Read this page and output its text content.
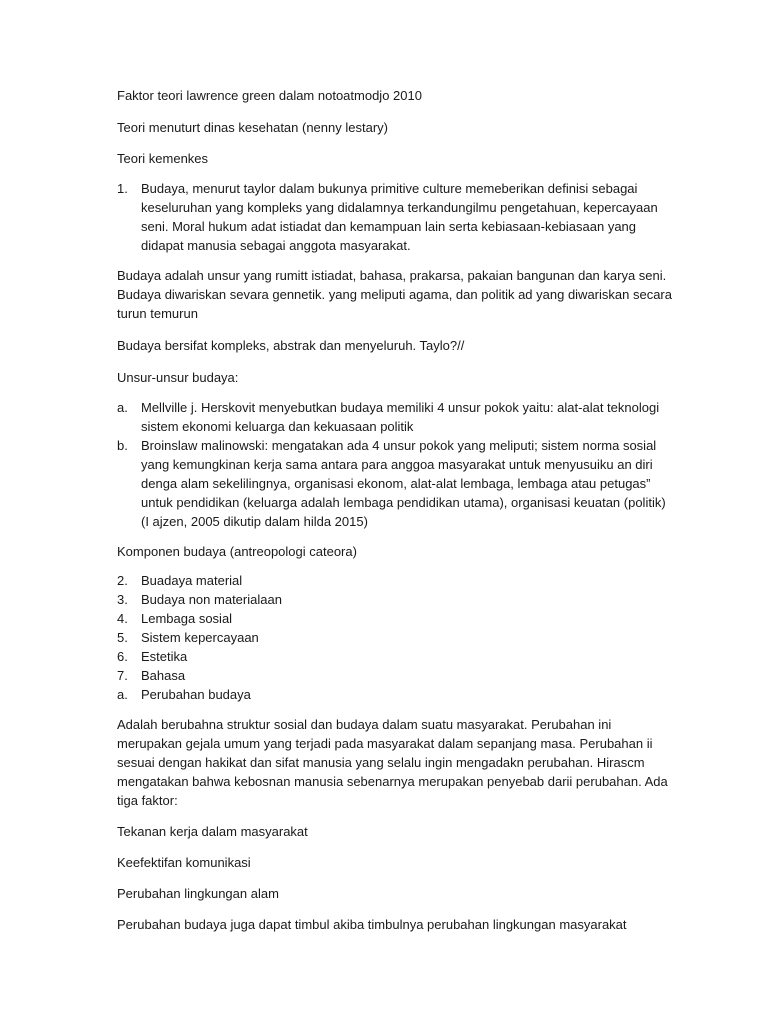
Faktor teori lawrence green dalam notoatmodjo 2010

Teori menuturt dinas kesehatan (nenny lestary)

Teori kemenkes

1.	Budaya, menurut taylor dalam bukunya primitive culture memeberikan definisi sebagai keseluruhan yang kompleks yang didalamnya terkandungilmu pengetahuan, kepercayaan seni. Moral hukum adat istiadat dan kemampuan lain serta kebiasaan-kebiasaan yang didapat manusia sebagai anggota masyarakat.

Budaya adalah unsur yang rumitt istiadat, bahasa, prakarsa, pakaian bangunan dan karya seni. Budaya diwariskan sevara gennetik. yang meliputi agama, dan politik ad yang diwariskan secara turun temurun

Budaya bersifat kompleks, abstrak dan menyeluruh. Taylo?//

Unsur-unsur budaya:

a.	Mellville j. Herskovit menyebutkan budaya memiliki 4 unsur pokok yaitu: alat-alat teknologi sistem ekonomi keluarga dan kekuasaan politik
b.	Broinslaw malinowski: mengatakan ada 4 unsur pokok yang meliputi; sistem norma sosial yang kemungkinan kerja sama antara para anggoa masyarakat untuk menyusuiku an diri denga alam sekelilingnya, organisasi ekonom, alat-alat lembaga, lembaga atau petugas” untuk pendidikan (keluarga adalah lembaga pendidikan utama), organisasi keuatan (politik) (I ajzen, 2005 dikutip dalam hilda 2015)

Komponen budaya (antreopologi cateora)

2.	Buadaya material
3.	Budaya non materialaan
4.	Lembaga sosial
5.	Sistem kepercayaan
6.	Estetika
7.	Bahasa
a.	Perubahan budaya

Adalah berubahna struktur sosial dan budaya dalam suatu masyarakat. Perubahan ini merupakan gejala umum yang terjadi pada masyarakat dalam sepanjang masa. Perubahan ii sesuai dengan hakikat dan sifat manusia yang selalu ingin mengadakn perubahan. Hirascm mengatakan bahwa kebosnan manusia sebenarnya merupakan penyebab darii perubahan. Ada tiga faktor:

Tekanan kerja dalam masyarakat

Keefektifan komunikasi

Perubahan lingkungan alam

Perubahan budaya juga dapat timbul akiba timbulnya perubahan lingkungan masyarakat
